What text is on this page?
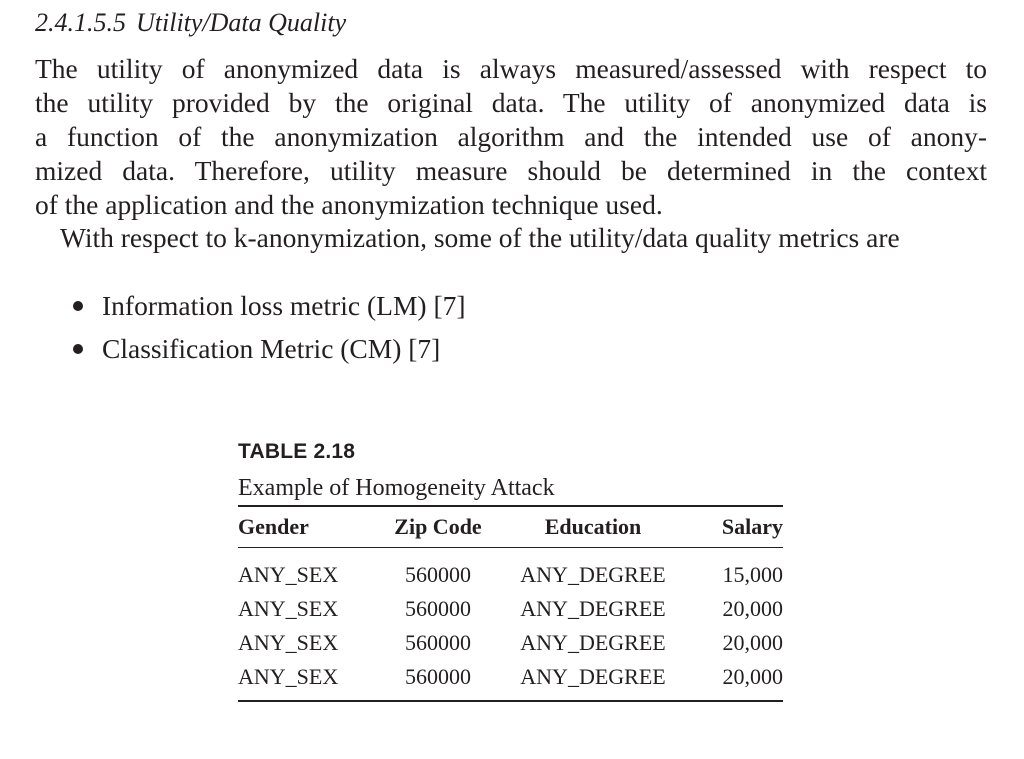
2.4.1.5.5 Utility/Data Quality

The utility of anonymized data is always measured/assessed with respect to
the utility provided by the original data. The utility of anonymized data is
a function of the anonymization algorithm and the intended use of anony-
mized data. Therefore, utility measure should be determined in the context
of the application and the anonymization technique used.

With respect to k-anonymization, some of the utility/data quality metrics are

Information loss metric (LM) [7]
Classification Metric (CM) [7]
TABLE 2.18
Example of Homogeneity Attack
Gender	Zip Code	Education	Salary
ANY_SEX	560000	ANY_DEGREE	15,000
ANY_SEX	560000	ANY_DEGREE	20,000
ANY_SEX	560000	ANY_DEGREE	20,000
ANY_SEX	560000	ANY_DEGREE	20,000
